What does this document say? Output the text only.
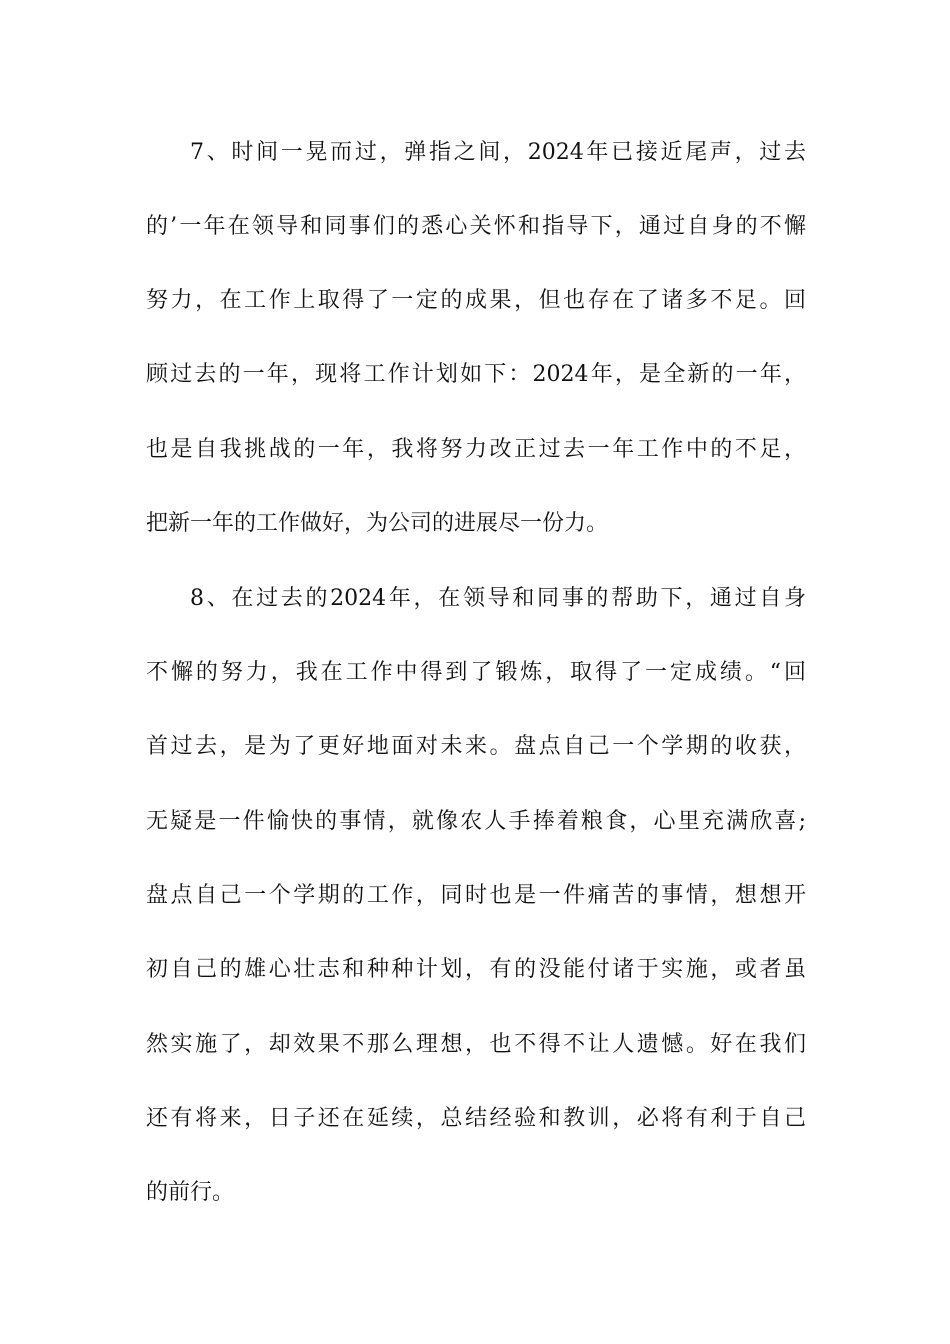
7、时间一晃而过，弹指之间，2024年已接近尾声，过去
的’一年在领导和同事们的悉心关怀和指导下，通过自身的不懈
努力，在工作上取得了一定的成果，但也存在了诸多不足。回
顾过去的一年，现将工作计划如下：2024年，是全新的一年，
也是自我挑战的一年，我将努力改正过去一年工作中的不足，
把新一年的工作做好，为公司的进展尽一份力。
8、在过去的2024年，在领导和同事的帮助下，通过自身
不懈的努力，我在工作中得到了锻炼，取得了一定成绩。“回
首过去，是为了更好地面对未来。盘点自己一个学期的收获，
无疑是一件愉快的事情，就像农人手捧着粮食，心里充满欣喜;
盘点自己一个学期的工作，同时也是一件痛苦的事情，想想开
初自己的雄心壮志和种种计划，有的没能付诸于实施，或者虽
然实施了，却效果不那么理想，也不得不让人遗憾。好在我们
还有将来，日子还在延续，总结经验和教训，必将有利于自己
的前行。
